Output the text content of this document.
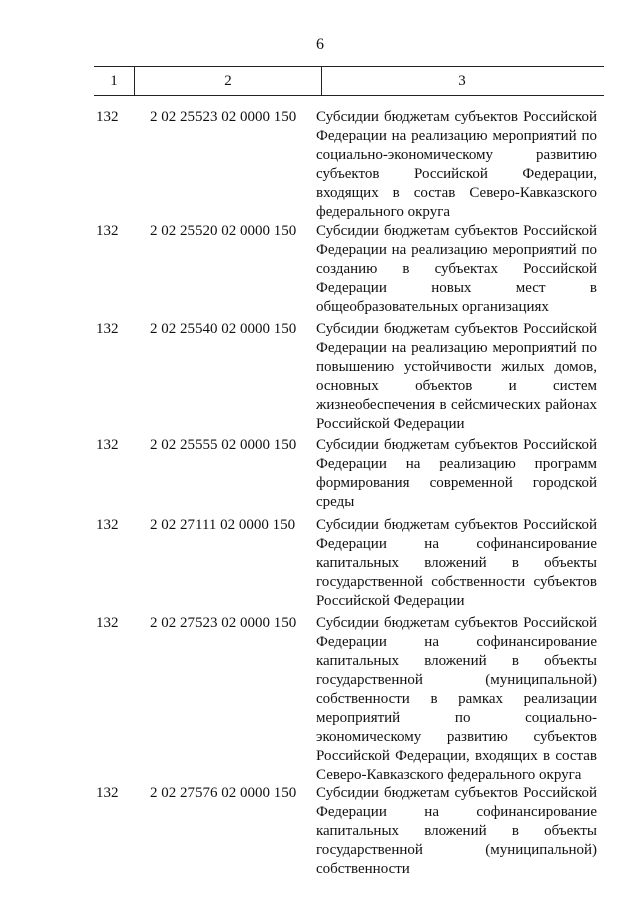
6
1	2	3
132	2 02 25523 02 0000 150	Субсидии бюджетам субъектов Российской Федерации на реализацию мероприятий по социально-экономическому развитию субъектов Российской Федерации, входящих в состав Северо-Кавказского федерального округа
132	2 02 25520 02 0000 150	Субсидии бюджетам субъектов Российской Федерации на реализацию мероприятий по созданию в субъектах Российской Федерации новых мест в общеобразовательных организациях
132	2 02 25540 02 0000 150	Субсидии бюджетам субъектов Российской Федерации на реализацию мероприятий по повышению устойчивости жилых домов, основных объектов и систем жизнеобеспечения в сейсмических районах Российской Федерации
132	2 02 25555 02 0000 150	Субсидии бюджетам субъектов Российской Федерации на реализацию программ формирования современной городской среды
132	2 02 27111 02 0000 150	Субсидии бюджетам субъектов Российской Федерации на софинансирование капитальных вложений в объекты государственной собственности субъектов Российской Федерации
132	2 02 27523 02 0000 150	Субсидии бюджетам субъектов Российской Федерации на софинансирование капитальных вложений в объекты государственной (муниципальной) собственности в рамках реализации мероприятий по социально-экономическому развитию субъектов Российской Федерации, входящих в состав Северо-Кавказского федерального округа
132	2 02 27576 02 0000 150	Субсидии бюджетам субъектов Российской Федерации на софинансирование капитальных вложений в объекты государственной (муниципальной) собственности
